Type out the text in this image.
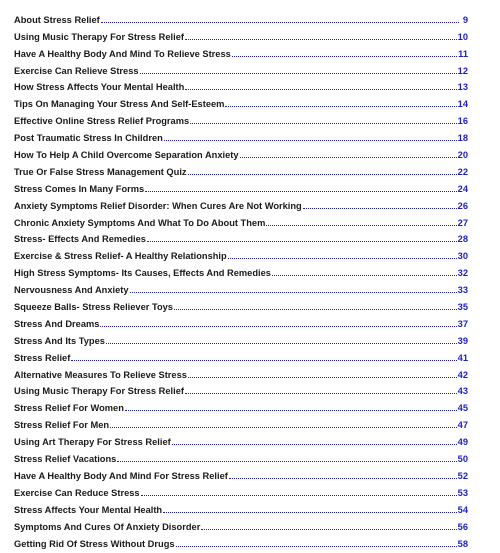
About Stress Relief	9
Using Music Therapy For Stress Relief	10
Have A Healthy Body And Mind To Relieve Stress	11
Exercise Can Relieve Stress	12
How Stress Affects Your Mental Health	13
Tips On Managing Your Stress And Self-Esteem	14
Effective Online Stress Relief Programs	16
Post Traumatic Stress In Children	18
How To Help A Child Overcome Separation Anxiety	20
True Or False Stress Management Quiz	22
Stress Comes In Many Forms	24
Anxiety Symptoms Relief Disorder: When Cures Are Not Working	26
Chronic Anxiety Symptoms And What To Do About Them	27
Stress- Effects And Remedies	28
Exercise & Stress Relief- A Healthy Relationship	30
High Stress Symptoms- Its Causes, Effects And Remedies	32
Nervousness And Anxiety	33
Squeeze Balls- Stress Reliever Toys	35
Stress And Dreams	37
Stress And Its Types	39
Stress Relief	41
Alternative Measures To Relieve Stress	42
Using Music Therapy For Stress Relief	43
Stress Relief For Women	45
Stress Relief For Men	47
Using Art Therapy For Stress Relief	49
Stress Relief Vacations	50
Have A Healthy Body And Mind For Stress Relief	52
Exercise Can Reduce Stress	53
Stress Affects Your Mental Health	54
Symptoms And Cures Of Anxiety Disorder	56
Getting Rid Of Stress Without Drugs	58
